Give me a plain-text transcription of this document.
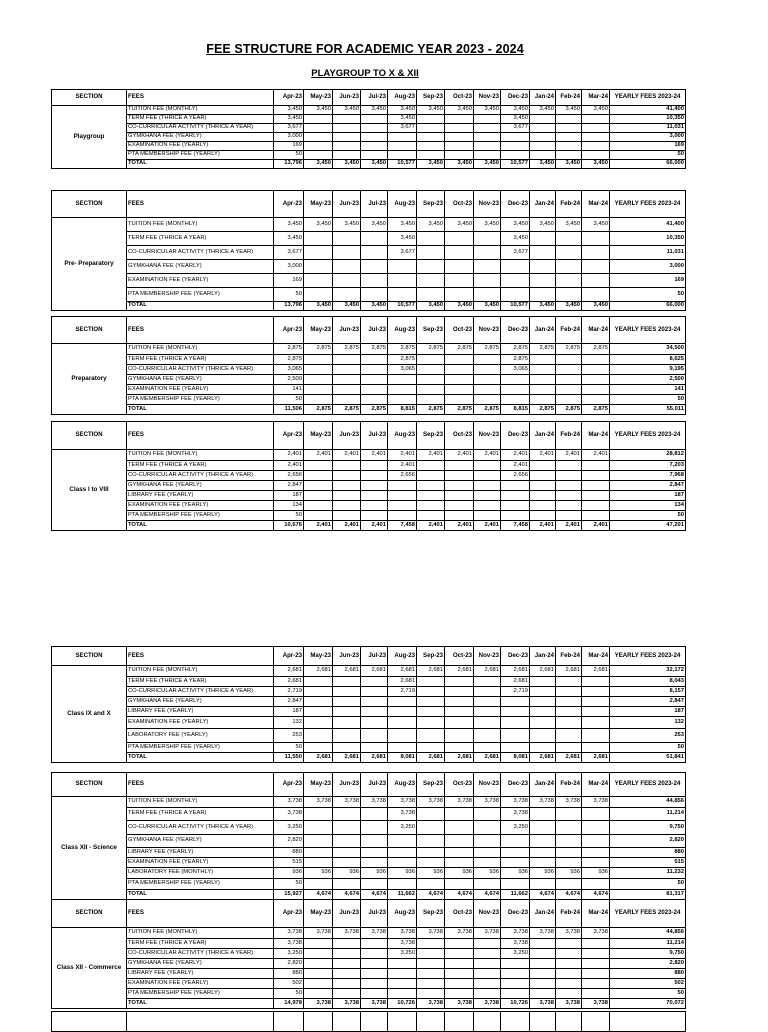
FEE STRUCTURE FOR ACADEMIC YEAR 2023 - 2024
PLAYGROUP TO X & XII
SECTION	FEES	Apr-23	May-23	Jun-23	Jul-23	Aug-23	Sep-23	Oct-23	Nov-23	Dec-23	Jan-24	Feb-24	Mar-24	YEARLY FEES 2023-24
Playgroup	TUITION FEE (MONTHLY)	3,450	3,450	3,450	3,450	3,450	3,450	3,450	3,450	3,450	3,450	3,450	3,450	41,400
	TERM FEE (THRICE A YEAR)	3,450				3,450				3,450				10,350
	CO-CURRICULAR ACTIVITY (THRICE A YEAR)	3,677				3,677				3,677				11,031
	GYMKHANA FEE (YEARLY)	3,000												3,000
	EXAMINATION FEE (YEARLY)	169												169
	PTA MEMBERSHIP FEE (YEARLY)	50												50
	TOTAL	13,796	3,450	3,450	3,450	10,577	3,450	3,450	3,450	10,577	3,450	3,450	3,450	66,000
SECTION	FEES	Apr-23	May-23	Jun-23	Jul-23	Aug-23	Sep-23	Oct-23	Nov-23	Dec-23	Jan-24	Feb-24	Mar-24	YEARLY FEES 2023-24
Pre- Preparatory	TUITION FEE (MONTHLY)	3,450	3,450	3,450	3,450	3,450	3,450	3,450	3,450	3,450	3,450	3,450	3,450	41,400
	TERM FEE (THRICE A YEAR)	3,450				3,450				3,450				10,350
	CO-CURRICULAR ACTIVITY (THRICE A YEAR)	3,677				3,677				3,677				11,031
	GYMKHANA FEE (YEARLY)	3,000												3,000
	EXAMINATION FEE (YEARLY)	169												169
	PTA MEMBERSHIP FEE (YEARLY)	50												50
	TOTAL	13,796	3,450	3,450	3,450	10,577	3,450	3,450	3,450	10,577	3,450	3,450	3,450	66,000
SECTION	FEES	Apr-23	May-23	Jun-23	Jul-23	Aug-23	Sep-23	Oct-23	Nov-23	Dec-23	Jan-24	Feb-24	Mar-24	YEARLY FEES 2023-24
Preparatory	TUITION FEE (MONTHLY)	2,875	2,875	2,875	2,875	2,875	2,875	2,875	2,875	2,875	2,875	2,875	2,875	34,500
	TERM FEE (THRICE A YEAR)	2,875				2,875				2,875				8,625
	CO-CURRICULAR ACTIVITY (THRICE A YEAR)	3,065				3,065				3,065				9,195
	GYMKHANA FEE (YEARLY)	2,500												2,500
	EXAMINATION FEE (YEARLY)	141												141
	PTA MEMBERSHIP FEE (YEARLY)	50												50
	TOTAL	11,506	2,875	2,875	2,875	8,815	2,875	2,875	2,875	8,815	2,875	2,875	2,875	55,011
SECTION	FEES	Apr-23	May-23	Jun-23	Jul-23	Aug-23	Sep-23	Oct-23	Nov-23	Dec-23	Jan-24	Feb-24	Mar-24	YEARLY FEES 2023-24
Class I to VIII	TUITION FEE (MONTHLY)	2,401	2,401	2,401	2,401	2,401	2,401	2,401	2,401	2,401	2,401	2,401	2,401	28,812
	TERM FEE (THRICE A YEAR)	2,401				2,401				2,401				7,203
	CO-CURRICULAR ACTIVITY (THRICE A YEAR)	2,656				2,656				2,656				7,968
	GYMKHANA FEE (YEARLY)	2,847												2,847
	LIBRARY FEE (YEARLY)	187												187
	EXAMINATION FEE (YEARLY)	134												134
	PTA MEMBERSHIP FEE (YEARLY)	50												50
	TOTAL	10,676	2,401	2,401	2,401	7,458	2,401	2,401	2,401	7,458	2,401	2,401	2,401	47,201
SECTION	FEES	Apr-23	May-23	Jun-23	Jul-23	Aug-23	Sep-23	Oct-23	Nov-23	Dec-23	Jan-24	Feb-24	Mar-24	YEARLY FEES 2023-24
Class IX and X	TUITION FEE (MONTHLY)	2,681	2,681	2,681	2,681	2,681	2,681	2,681	2,681	2,681	2,681	2,681	2,681	32,172
	TERM FEE (THRICE A YEAR)	2,681				2,681				2,681				8,043
	CO-CURRICULAR ACTIVITY (THRICE A YEAR)	2,719				2,719				2,719				8,157
	GYMKHANA FEE (YEARLY)	2,847												2,847
	LIBRARY FEE (YEARLY)	187												187
	EXAMINATION FEE (YEARLY)	132												132
	LABORATORY FEE (YEARLY)	253												253
	PTA MEMBERSHIP FEE (YEARLY)	50												50
	TOTAL	11,550	2,681	2,681	2,681	8,081	2,681	2,681	2,681	8,081	2,681	2,681	2,681	51,841
SECTION	FEES	Apr-23	May-23	Jun-23	Jul-23	Aug-23	Sep-23	Oct-23	Nov-23	Dec-23	Jan-24	Feb-24	Mar-24	YEARLY FEES 2023-24
Class XII - Science	TUITION FEE (MONTHLY)	3,738	3,738	3,738	3,738	3,738	3,738	3,738	3,738	3,738	3,738	3,738	3,738	44,856
	TERM FEE (THRICE A YEAR)	3,738				3,738				3,738				11,214
	CO-CURRICULAR ACTIVITY (THRICE A YEAR)	3,250				3,250				3,250				9,750
	GYMKHANA FEE (YEARLY)	2,820												2,820
	LIBRARY FEE (YEARLY)	880												880
	EXAMINATION FEE (YEARLY)	515												515
	LABORATORY FEE (MONTHLY)	936	936	936	936	936	936	936	936	936	936	936	936	11,232
	PTA MEMBERSHIP FEE (YEARLY)	50												50
	TOTAL	15,927	4,674	4,674	4,674	11,662	4,674	4,674	4,674	11,662	4,674	4,674	4,674	81,317
SECTION	FEES	Apr-23	May-23	Jun-23	Jul-23	Aug-23	Sep-23	Oct-23	Nov-23	Dec-23	Jan-24	Feb-24	Mar-24	YEARLY FEES 2023-24
Class XII - Commerce	TUITION FEE (MONTHLY)	3,738	3,738	3,738	3,738	3,738	3,738	3,738	3,738	3,738	3,738	3,738	3,738	44,856
	TERM FEE (THRICE A YEAR)	3,738				3,738				3,738				11,214
	CO-CURRICULAR ACTIVITY (THRICE A YEAR)	3,250				3,250				3,250				9,750
	GYMKHANA FEE (YEARLY)	2,820												2,820
	LIBRARY FEE (YEARLY)	880												880
	EXAMINATION FEE (YEARLY)	502												502
	PTA MEMBERSHIP FEE (YEARLY)	50												50
	TOTAL	14,978	3,738	3,738	3,738	10,726	3,738	3,738	3,738	10,726	3,738	3,738	3,738	70,072
